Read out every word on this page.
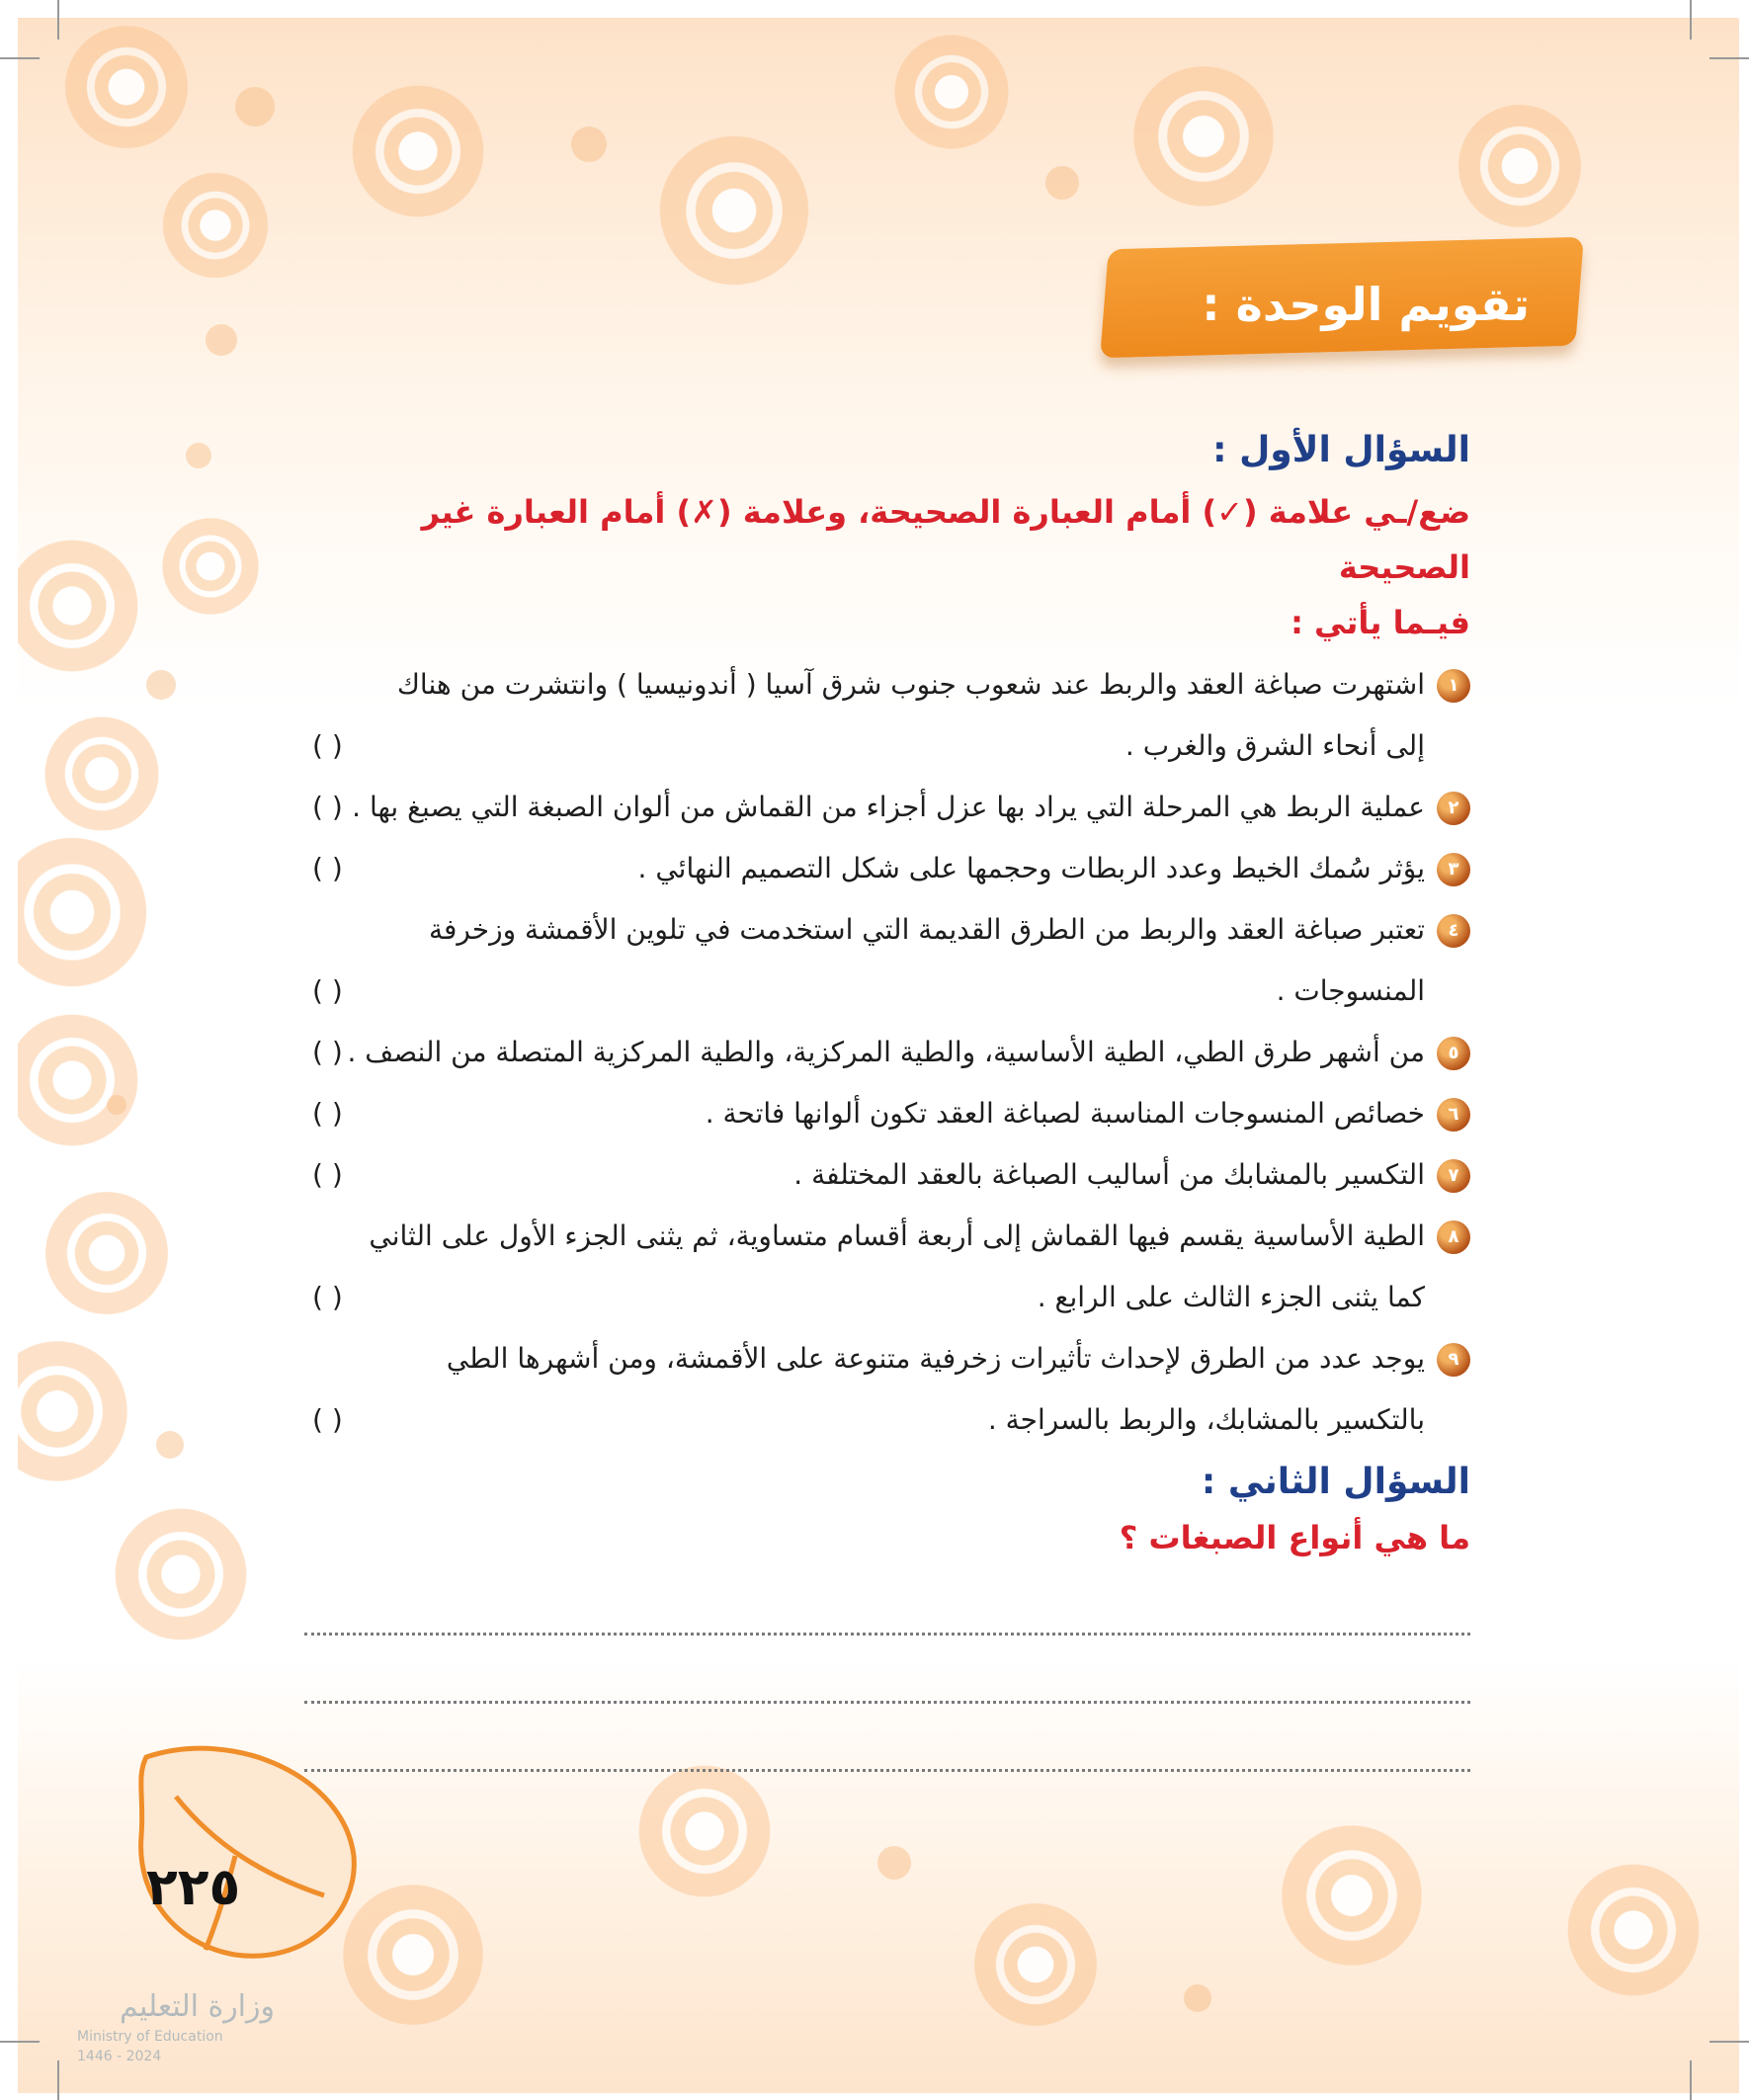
تقويم الوحدة :
السؤال الأول :
ضع/ـي علامة (✓) أمام العبارة الصحيحة، وعلامة (✗) أمام العبارة غير الصحيحة
فيـما يأتي :
١
اشتهرت صباغة العقد والربط عند شعوب جنوب شرق آسيا ( أندونيسيا ) وانتشرت من هناك
إلى أنحاء الشرق والغرب .
( )
٢
عملية الربط هي المرحلة التي يراد بها عزل أجزاء من القماش من ألوان الصبغة التي يصبغ بها .
( )
٣
يؤثر سُمك الخيط وعدد الربطات وحجمها على شكل التصميم النهائي .
( )
٤
تعتبر صباغة العقد والربط من الطرق القديمة التي استخدمت في تلوين الأقمشة وزخرفة
المنسوجات .
( )
٥
من أشهر طرق الطي، الطية الأساسية، والطية المركزية، والطية المركزية المتصلة من النصف .
( )
٦
خصائص المنسوجات المناسبة لصباغة العقد تكون ألوانها فاتحة .
( )
٧
التكسير بالمشابك من أساليب الصباغة بالعقد المختلفة .
( )
٨
الطية الأساسية يقسم فيها القماش إلى أربعة أقسام متساوية، ثم يثنى الجزء الأول على الثاني
كما يثنى الجزء الثالث على الرابع .
( )
٩
يوجد عدد من الطرق لإحداث تأثيرات زخرفية متنوعة على الأقمشة، ومن أشهرها الطي
بالتكسير بالمشابك، والربط بالسراجة .
( )
السؤال الثاني :
ما هي أنواع الصبغات ؟
٢٢٥
وزارة التعليم
Ministry of Education
2024 - 1446
